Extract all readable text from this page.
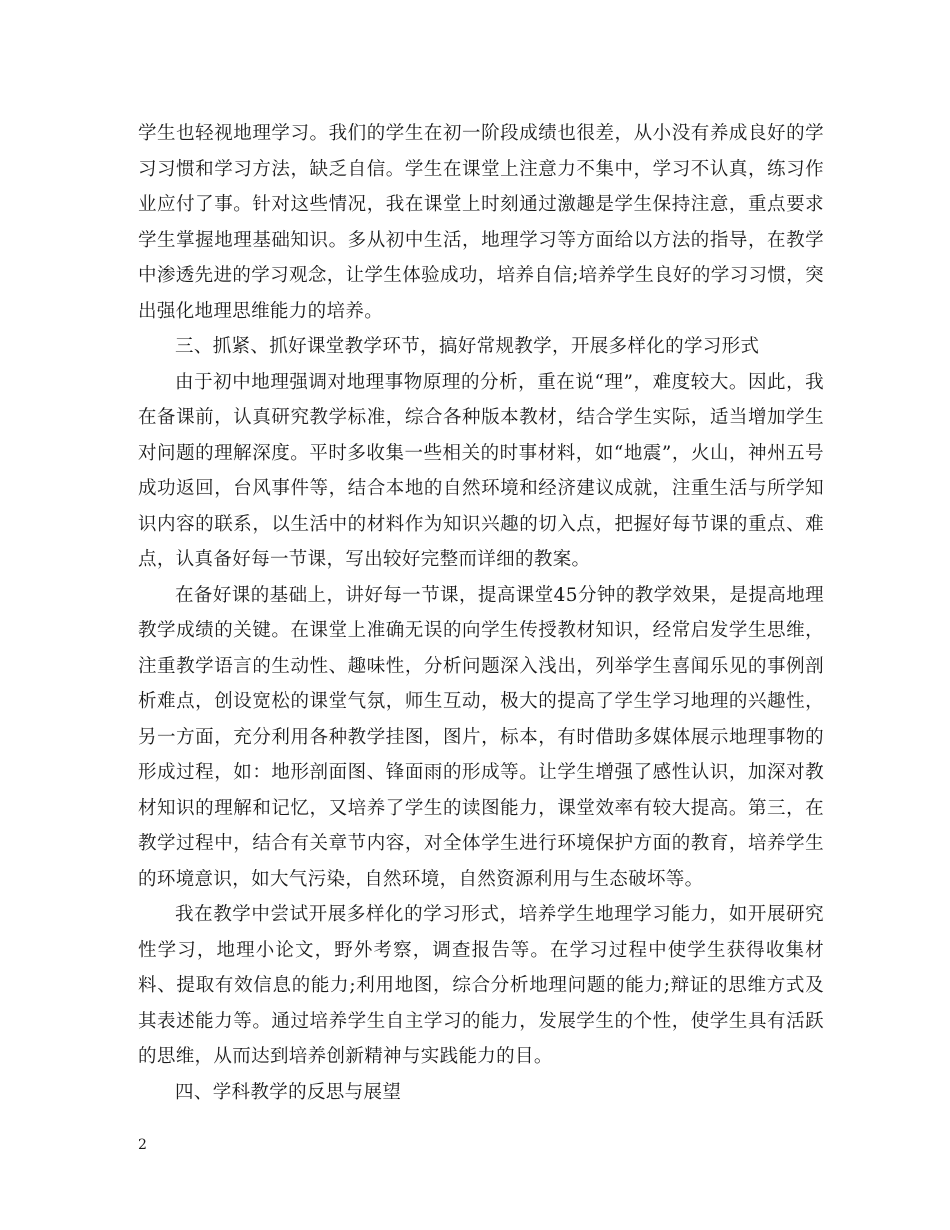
学生也轻视地理学习。我们的学生在初一阶段成绩也很差，从小没有养成良好的学习习惯和学习方法，缺乏自信。学生在课堂上注意力不集中，学习不认真，练习作业应付了事。针对这些情况，我在课堂上时刻通过激趣是学生保持注意，重点要求学生掌握地理基础知识。多从初中生活，地理学习等方面给以方法的指导，在教学中渗透先进的学习观念，让学生体验成功，培养自信;培养学生良好的学习习惯，突出强化地理思维能力的培养。

三、抓紧、抓好课堂教学环节，搞好常规教学，开展多样化的学习形式

由于初中地理强调对地理事物原理的分析，重在说“理”，难度较大。因此，我在备课前，认真研究教学标准，综合各种版本教材，结合学生实际，适当增加学生对问题的理解深度。平时多收集一些相关的时事材料，如“地震”，火山，神州五号成功返回，台风事件等，结合本地的自然环境和经济建议成就，注重生活与所学知识内容的联系，以生活中的材料作为知识兴趣的切入点，把握好每节课的重点、难点，认真备好每一节课，写出较好完整而详细的教案。

在备好课的基础上，讲好每一节课，提高课堂45分钟的教学效果，是提高地理教学成绩的关键。在课堂上准确无误的向学生传授教材知识，经常启发学生思维，注重教学语言的生动性、趣味性，分析问题深入浅出，列举学生喜闻乐见的事例剖析难点，创设宽松的课堂气氛，师生互动，极大的提高了学生学习地理的兴趣性，另一方面，充分利用各种教学挂图，图片，标本，有时借助多媒体展示地理事物的形成过程，如：地形剖面图、锋面雨的形成等。让学生增强了感性认识，加深对教材知识的理解和记忆，又培养了学生的读图能力，课堂效率有较大提高。第三，在教学过程中，结合有关章节内容，对全体学生进行环境保护方面的教育，培养学生的环境意识，如大气污染，自然环境，自然资源利用与生态破坏等。

我在教学中尝试开展多样化的学习形式，培养学生地理学习能力，如开展研究性学习，地理小论文，野外考察，调查报告等。在学习过程中使学生获得收集材料、提取有效信息的能力;利用地图，综合分析地理问题的能力;辩证的思维方式及其表述能力等。通过培养学生自主学习的能力，发展学生的个性，使学生具有活跃的思维，从而达到培养创新精神与实践能力的目。

四、学科教学的反思与展望

2
